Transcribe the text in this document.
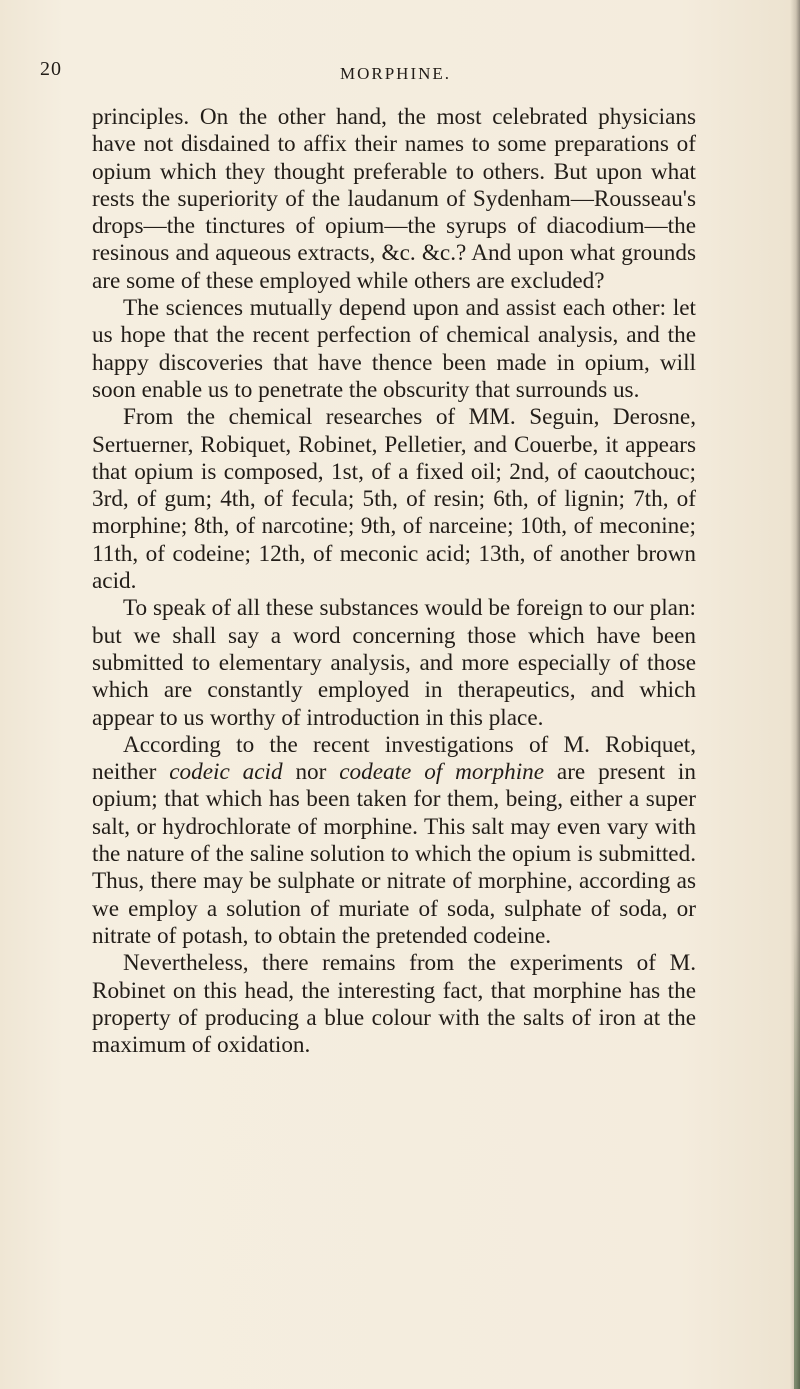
20	MORPHINE.

principles. On the other hand, the most celebrated physicians have not disdained to affix their names to some preparations of opium which they thought preferable to others. But upon what rests the superiority of the laudanum of Sydenham—Rousseau's drops—the tinctures of opium—the syrups of diacodium—the resinous and aqueous extracts, &c. &c.? And upon what grounds are some of these employed while others are excluded?

The sciences mutually depend upon and assist each other: let us hope that the recent perfection of chemical analysis, and the happy discoveries that have thence been made in opium, will soon enable us to penetrate the obscurity that surrounds us.

From the chemical researches of MM. Seguin, Derosne, Sertuerner, Robiquet, Robinet, Pelletier, and Couerbe, it appears that opium is composed, 1st, of a fixed oil; 2nd, of caoutchouc; 3rd, of gum; 4th, of fecula; 5th, of resin; 6th, of lignin; 7th, of morphine; 8th, of narcotine; 9th, of narceine; 10th, of meconine; 11th, of codeine; 12th, of meconic acid; 13th, of another brown acid.

To speak of all these substances would be foreign to our plan: but we shall say a word concerning those which have been submitted to elementary analysis, and more especially of those which are constantly employed in therapeutics, and which appear to us worthy of introduction in this place.

According to the recent investigations of M. Robiquet, neither codeic acid nor codeate of morphine are present in opium; that which has been taken for them, being, either a super salt, or hydrochlorate of morphine. This salt may even vary with the nature of the saline solution to which the opium is submitted. Thus, there may be sulphate or nitrate of morphine, according as we employ a solution of muriate of soda, sulphate of soda, or nitrate of potash, to obtain the pretended codeine.

Nevertheless, there remains from the experiments of M. Robinet on this head, the interesting fact, that morphine has the property of producing a blue colour with the salts of iron at the maximum of oxidation.
